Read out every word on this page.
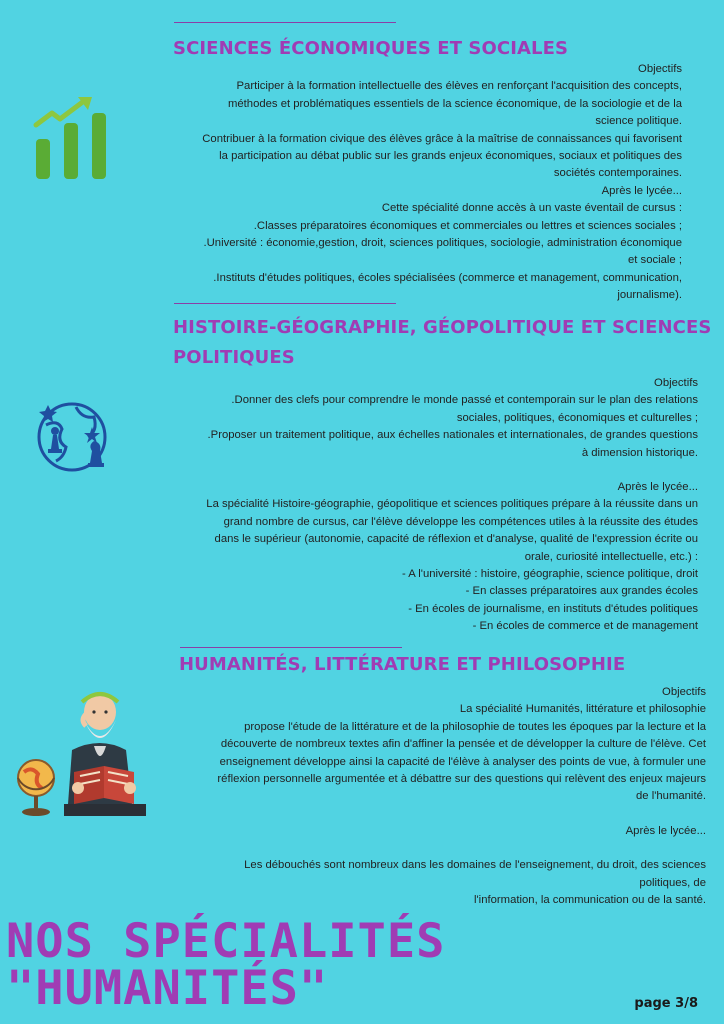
SCIENCES ÉCONOMIQUES ET SOCIALES

Objectifs

Participer à la formation intellectuelle des élèves en renforçant l'acquisition des concepts,

méthodes et problématiques essentiels de la science économique, de la sociologie et de la

science politique.

Contribuer à la formation civique des élèves grâce à la maîtrise de connaissances qui favorisent

la participation au débat public sur les grands enjeux économiques, sociaux et politiques des

sociétés contemporaines.

Après le lycée...

Cette spécialité donne accès à un vaste éventail de cursus :

.Classes préparatoires économiques et commerciales ou lettres et sciences sociales ;

.Université : économie,gestion, droit, sciences politiques, sociologie, administration économique

et sociale ;

.Instituts d'études politiques, écoles spécialisées (commerce et management, communication,

journalisme).

HISTOIRE-GÉOGRAPHIE, GÉOPOLITIQUE ET SCIENCES
POLITIQUES

Objectifs

.Donner des clefs pour comprendre le monde passé et contemporain sur le plan des relations

sociales, politiques, économiques et culturelles ;

.Proposer un traitement politique, aux échelles nationales et internationales, de grandes questions

à dimension historique.

Après le lycée...

La spécialité Histoire-géographie, géopolitique et sciences politiques prépare à la réussite dans un

grand nombre de cursus, car l'élève développe les compétences utiles à la réussite des études

dans le supérieur (autonomie, capacité de réflexion et d'analyse, qualité de l'expression écrite ou

orale, curiosité intellectuelle, etc.) :

- A l'université : histoire, géographie, science politique, droit

- En classes préparatoires aux grandes écoles

- En écoles de journalisme, en instituts d'études politiques

- En écoles de commerce et de management

HUMANITÉS, LITTÉRATURE ET PHILOSOPHIE

Objectifs

La spécialité Humanités, littérature et philosophie

propose l'étude de la littérature et de la philosophie de toutes les époques par la lecture et la

découverte de nombreux textes afin d'affiner la pensée et de développer la culture de l'élève. Cet

enseignement développe ainsi la capacité de l'élève à analyser des points de vue, à formuler une

réflexion personnelle argumentée et à débattre sur des questions qui relèvent des enjeux majeurs

de l'humanité.

Après le lycée...

Les débouchés sont nombreux dans les domaines de l'enseignement, du droit, des sciences

politiques, de

l'information, la communication ou de la santé.

NOS SPÉCIALITÉS
"HUMANITÉS"	page 3/8
